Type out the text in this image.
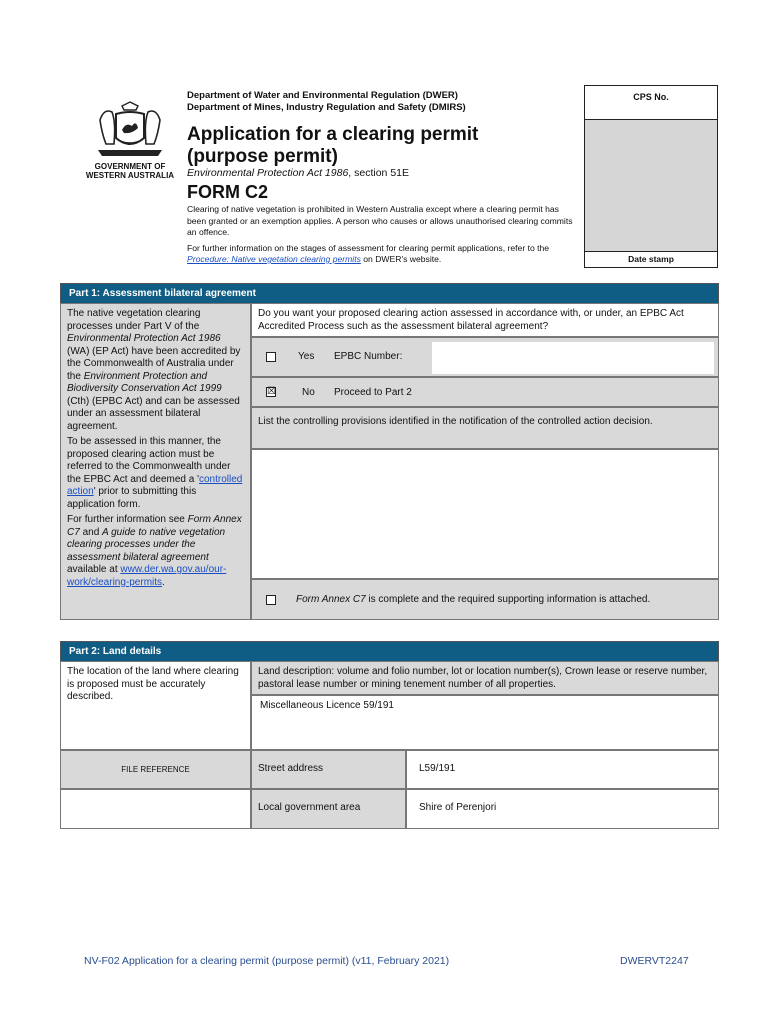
GOVERNMENT OF
WESTERN AUSTRALIA
Department of Water and Environmental Regulation (DWER)
Department of Mines, Industry Regulation and Safety (DMIRS)
Application for a clearing permit
(purpose permit)
Environmental Protection Act 1986, section 51E
FORM C2

Clearing of native vegetation is prohibited in Western Australia except where a clearing permit has been granted or an exemption applies. A person who causes or allows unauthorised clearing commits an offence.

For further information on the stages of assessment for clearing permit applications, refer to the Procedure: Native vegetation clearing permits on DWER's website.

CPS No.
Date stamp
Part 1: Assessment bilateral agreement

The native vegetation clearing processes under Part V of the Environmental Protection Act 1986 (WA) (EP Act) have been accredited by the Commonwealth of Australia under the Environment Protection and Biodiversity Conservation Act 1999 (Cth) (EPBC Act) and can be assessed under an assessment bilateral agreement.

To be assessed in this manner, the proposed clearing action must be referred to the Commonwealth under the EPBC Act and deemed a 'controlled action' prior to submitting this application form.

For further information see Form Annex C7 and A guide to native vegetation clearing processes under the assessment bilateral agreement available at www.der.wa.gov.au/our-work/clearing-permits.

Do you want your proposed clearing action assessed in accordance with, or under, an EPBC Act Accredited Process such as the assessment bilateral agreement?
Yes EPBC Number:
☒	No Proceed to Part 2
List the controlling provisions identified in the notification of the controlled action decision.
Form Annex C7 is complete and the required supporting information is attached.
Part 2: Land details
The location of the land where clearing is proposed must be accurately described.
Land description: volume and folio number, lot or location number(s), Crown lease or reserve number, pastoral lease number or mining tenement number of all properties.
Miscellaneous Licence 59/191
FILE REFERENCE	Street address	L59/191
Local government area	Shire of Perenjori
NV-F02 Application for a clearing permit (purpose permit) (v11, February 2021)	DWERVT2247
